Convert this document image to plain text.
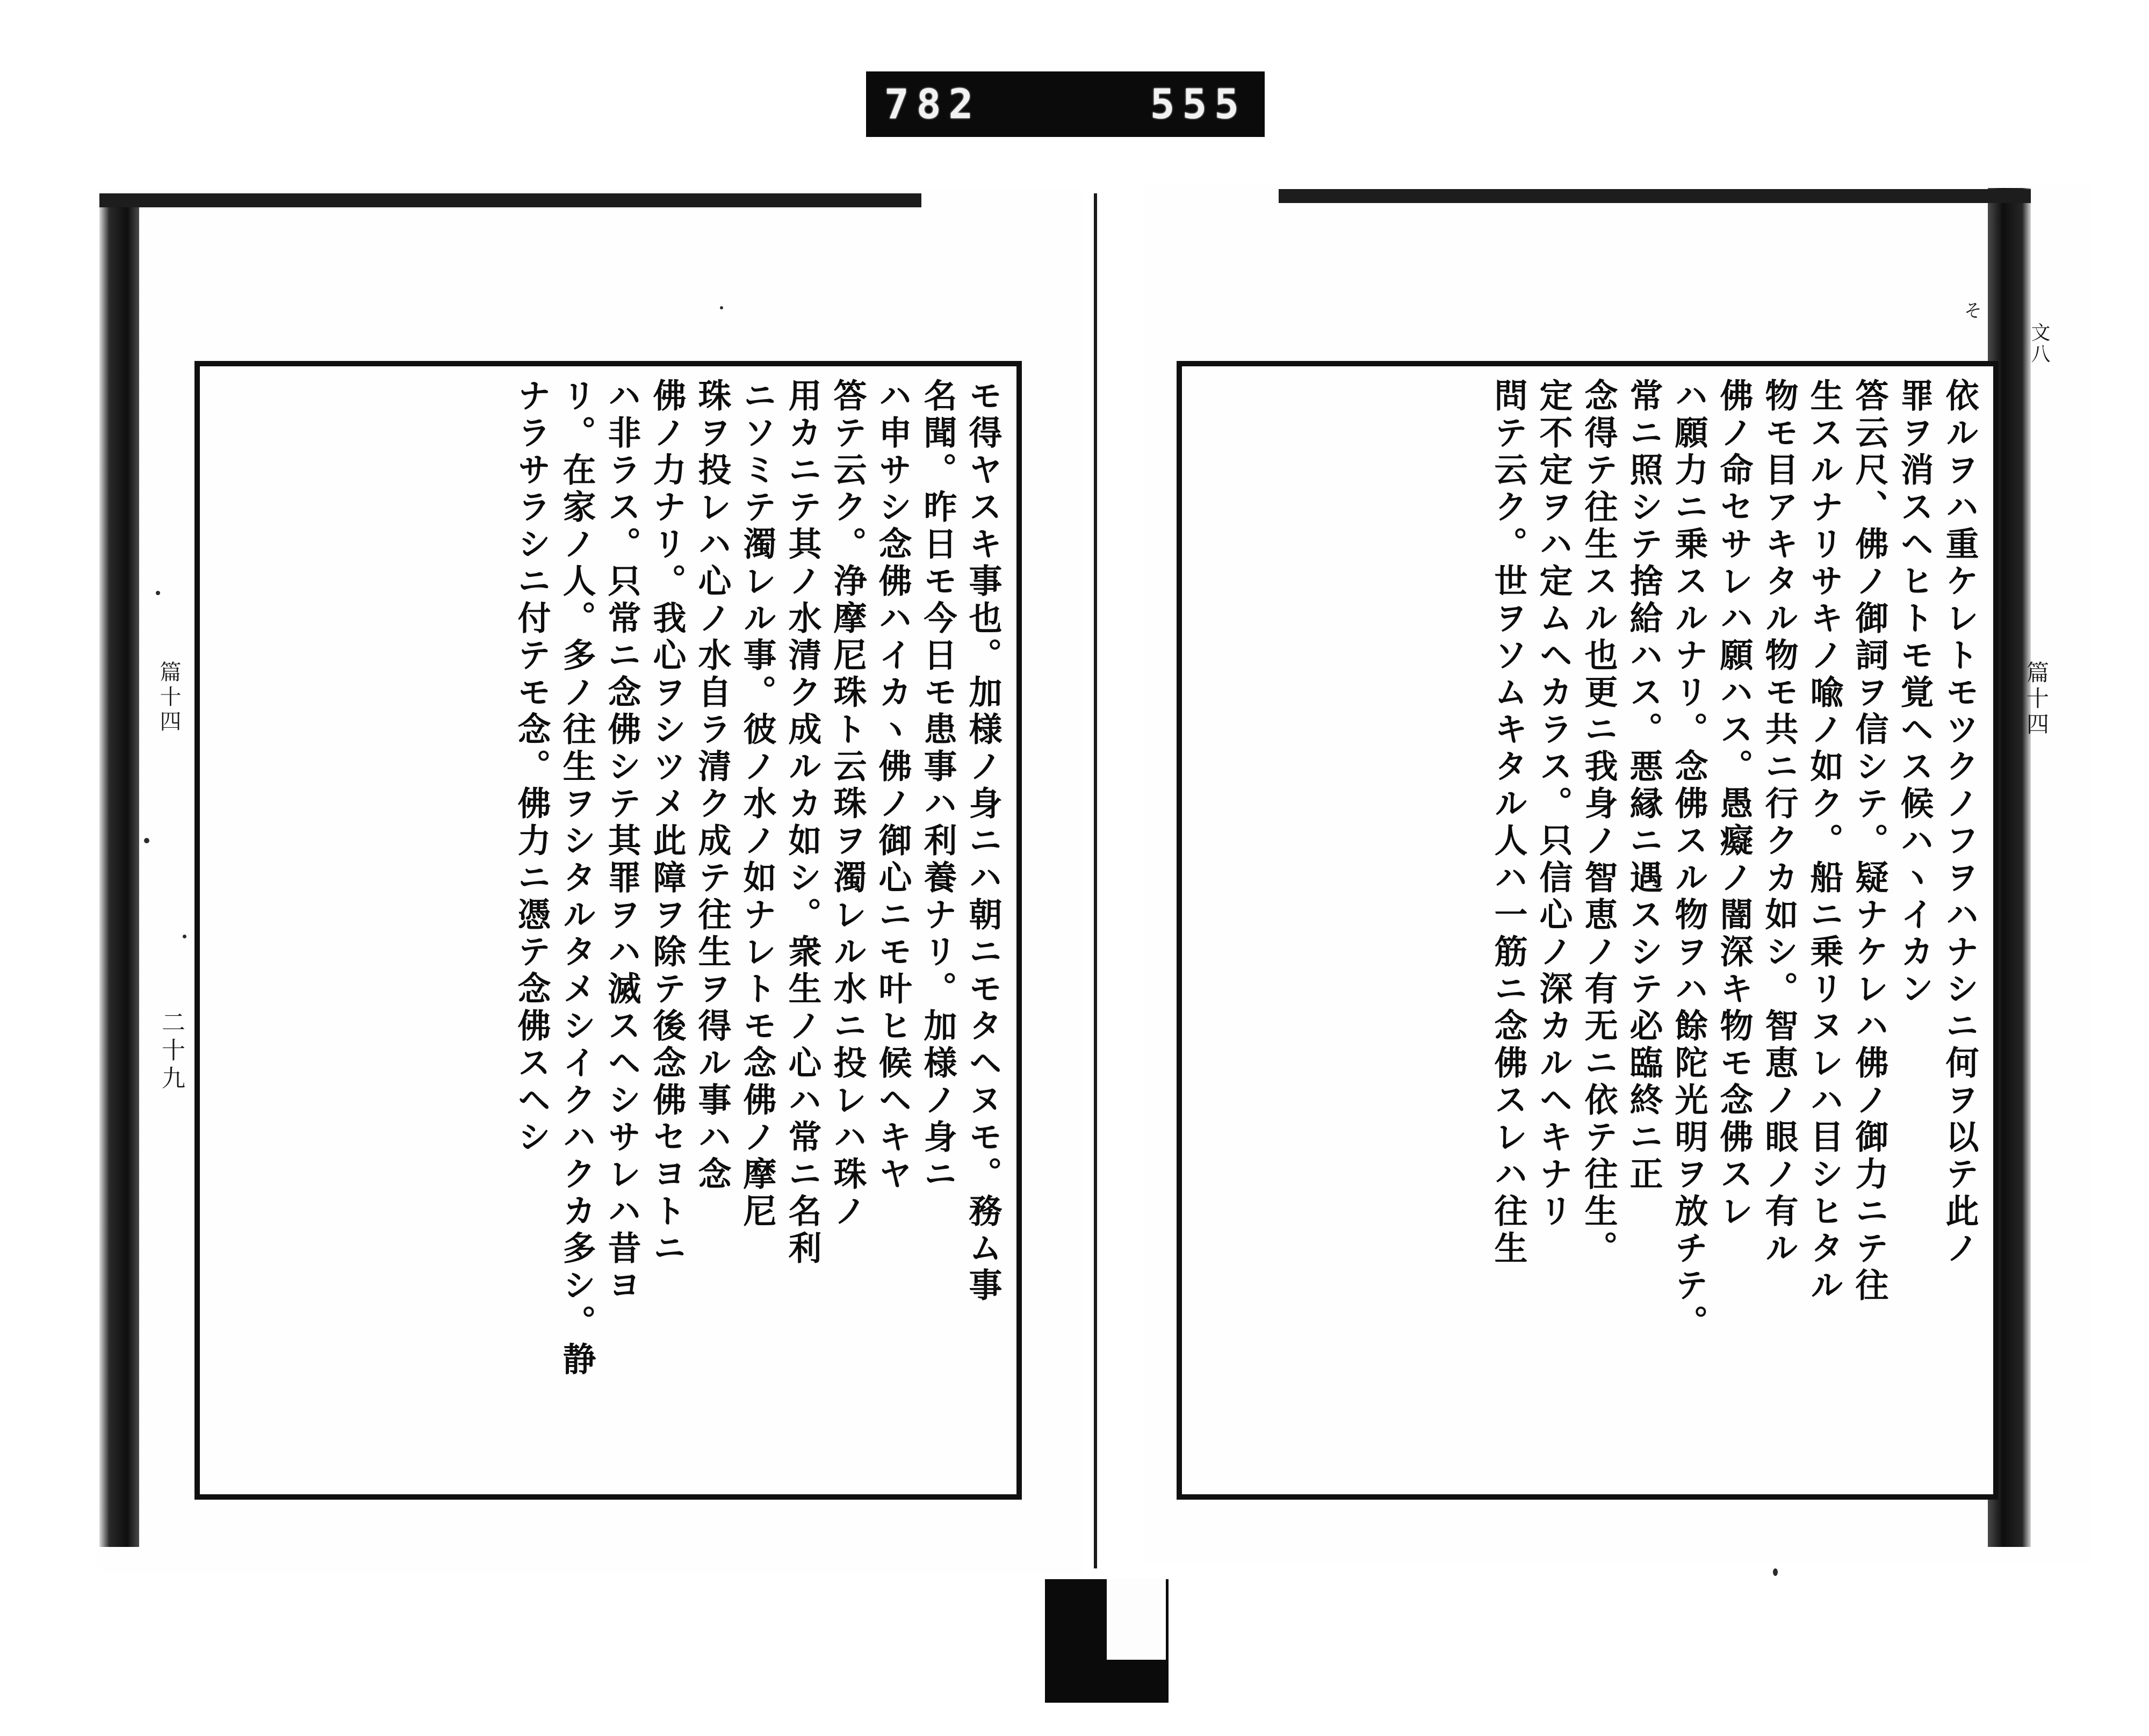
782	555
依ルヲハ重ケレトモツクノフヲハナシニ何ヲ以テ此ノ
罪ヲ消スヘヒトモ覚ヘス候ハヽイカン
答云尺、佛ノ御詞ヲ信シテ。疑ナケレハ佛ノ御力ニテ往
生スルナリサキノ喩ノ如ク。船ニ乗リヌレハ目シヒタル
物モ目アキタル物モ共ニ行クカ如シ。智恵ノ眼ノ有ル
佛ノ命セサレハ願ハス。愚癡ノ闇深キ物モ念佛スレ
ハ願力ニ乗スルナリ。念佛スル物ヲハ餘陀光明ヲ放チテ。
常ニ照シテ捨給ハス。悪縁ニ遇スシテ必臨終ニ正
念得テ往生スル也更ニ我身ノ智恵ノ有无ニ依テ往生。
定不定ヲハ定ムヘカラス。只信心ノ深カルヘキナリ
問テ云ク。世ヲソムキタル人ハ一筋ニ念佛スレハ往生
モ得ヤスキ事也。加様ノ身ニハ朝ニモタヘヌモ。務ム事
名聞。昨日モ今日モ患事ハ利養ナリ。加様ノ身ニ
ハ申サシ念佛ハイカヽ佛ノ御心ニモ叶ヒ候ヘキヤ
答テ云ク。浄摩尼珠ト云珠ヲ濁レル水ニ投レハ珠ノ
用カニテ其ノ水清ク成ルカ如シ。衆生ノ心ハ常ニ名利
ニソミテ濁レル事。彼ノ水ノ如ナレトモ念佛ノ摩尼
珠ヲ投レハ心ノ水自ラ清ク成テ往生ヲ得ル事ハ念
佛ノ力ナリ。我心ヲシツメ此障ヲ除テ後念佛セヨトニ
ハ非ラス。只常ニ念佛シテ其罪ヲハ滅スヘシサレハ昔ヨ
リ。在家ノ人。多ノ往生ヲシタルタメシイクハクカ多シ。静
ナラサラシニ付テモ念。佛力ニ憑テ念佛スヘシ
篇十四
二十九
篇十四
文八
そ
